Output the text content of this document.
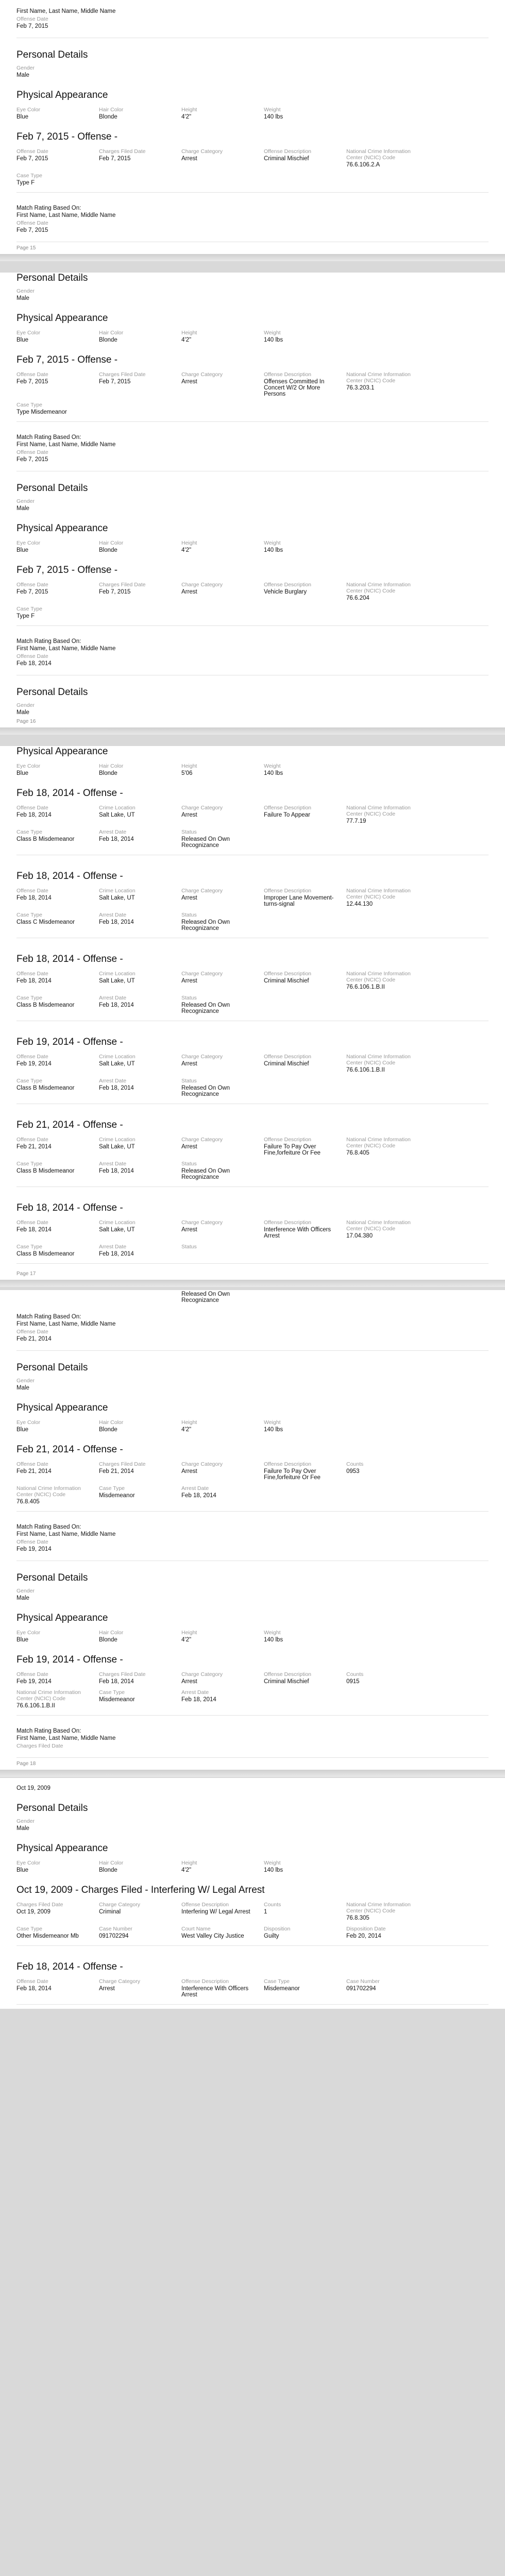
First Name, Last Name, Middle Name
Offense Date
Feb 7, 2015
Personal Details
Gender
Male
Physical Appearance
Eye Color
Blue
Hair Color
Blonde
Height
4'2"
Weight
140 lbs
Feb 7, 2015 - Offense -
Offense Date
Feb 7, 2015
Charges Filed Date
Feb 7, 2015
Charge Category
Arrest
Offense Description
Criminal Mischief
National Crime Information Center (NCIC) Code
76.6.106.2.A
Case Type
Type F
Match Rating Based On:
First Name, Last Name, Middle Name
Offense Date
Feb 7, 2015
Page 15
Personal Details
Gender
Male
Physical Appearance
Eye Color
Blue
Hair Color
Blonde
Height
4'2"
Weight
140 lbs
Feb 7, 2015 - Offense -
Offense Date
Feb 7, 2015
Charges Filed Date
Feb 7, 2015
Charge Category
Arrest
Offense Description
Offenses Committed In Concert W/2 Or More Persons
National Crime Information Center (NCIC) Code
76.3.203.1
Case Type
Type Misdemeanor
Match Rating Based On:
First Name, Last Name, Middle Name
Offense Date
Feb 7, 2015
Personal Details
Gender
Male
Physical Appearance
Eye Color
Blue
Hair Color
Blonde
Height
4'2"
Weight
140 lbs
Feb 7, 2015 - Offense -
Offense Date
Feb 7, 2015
Charges Filed Date
Feb 7, 2015
Charge Category
Arrest
Offense Description
Vehicle Burglary
National Crime Information Center (NCIC) Code
76.6.204
Case Type
Type F
Match Rating Based On:
First Name, Last Name, Middle Name
Offense Date
Feb 18, 2014
Personal Details
Gender
Male
Page 16
Physical Appearance
Eye Color
Blue
Hair Color
Blonde
Height
5'06
Weight
140 lbs
Feb 18, 2014 - Offense -
Offense Date
Feb 18, 2014
Crime Location
Salt Lake, UT
Charge Category
Arrest
Offense Description
Failure To Appear
National Crime Information Center (NCIC) Code
77.7.19
Case Type
Class B Misdemeanor
Arrest Date
Feb 18, 2014
Status
Released On Own Recognizance
Feb 18, 2014 - Offense -
Offense Date
Feb 18, 2014
Crime Location
Salt Lake, UT
Charge Category
Arrest
Offense Description
Improper Lane Movement-turns-signal
National Crime Information Center (NCIC) Code
12.44.130
Case Type
Class C Misdemeanor
Arrest Date
Feb 18, 2014
Status
Released On Own Recognizance
Feb 18, 2014 - Offense -
Offense Date
Feb 18, 2014
Crime Location
Salt Lake, UT
Charge Category
Arrest
Offense Description
Criminal Mischief
National Crime Information Center (NCIC) Code
76.6.106.1.B.II
Case Type
Class B Misdemeanor
Arrest Date
Feb 18, 2014
Status
Released On Own Recognizance
Feb 19, 2014 - Offense -
Offense Date
Feb 19, 2014
Crime Location
Salt Lake, UT
Charge Category
Arrest
Offense Description
Criminal Mischief
National Crime Information Center (NCIC) Code
76.6.106.1.B.II
Case Type
Class B Misdemeanor
Arrest Date
Feb 18, 2014
Status
Released On Own Recognizance
Feb 21, 2014 - Offense -
Offense Date
Feb 21, 2014
Crime Location
Salt Lake, UT
Charge Category
Arrest
Offense Description
Failure To Pay Over Fine,forfeiture Or Fee
National Crime Information Center (NCIC) Code
76.8.405
Case Type
Class B Misdemeanor
Arrest Date
Feb 18, 2014
Status
Released On Own Recognizance
Feb 18, 2014 - Offense -
Offense Date
Feb 18, 2014
Crime Location
Salt Lake, UT
Charge Category
Arrest
Offense Description
Interference With Officers Arrest
National Crime Information Center (NCIC) Code
17.04.380
Case Type
Class B Misdemeanor
Arrest Date
Feb 18, 2014
Status
Page 17
Released On Own Recognizance
Match Rating Based On:
First Name, Last Name, Middle Name
Offense Date
Feb 21, 2014
Personal Details
Gender
Male
Physical Appearance
Eye Color
Blue
Hair Color
Blonde
Height
4'2"
Weight
140 lbs
Feb 21, 2014 - Offense -
Offense Date
Feb 21, 2014
Charges Filed Date
Feb 21, 2014
Charge Category
Arrest
Offense Description
Failure To Pay Over Fine,forfeiture Or Fee
Counts
0953
National Crime Information Center (NCIC) Code
76.8.405
Case Type
Misdemeanor
Arrest Date
Feb 18, 2014
Match Rating Based On:
First Name, Last Name, Middle Name
Offense Date
Feb 19, 2014
Personal Details
Gender
Male
Physical Appearance
Eye Color
Blue
Hair Color
Blonde
Height
4'2"
Weight
140 lbs
Feb 19, 2014 - Offense -
Offense Date
Feb 19, 2014
Charges Filed Date
Feb 18, 2014
Charge Category
Arrest
Offense Description
Criminal Mischief
Counts
0915
National Crime Information Center (NCIC) Code
76.6.106.1.B.II
Case Type
Misdemeanor
Arrest Date
Feb 18, 2014
Match Rating Based On:
First Name, Last Name, Middle Name
Charges Filed Date
Page 18
Oct 19, 2009
Personal Details
Gender
Male
Physical Appearance
Eye Color
Blue
Hair Color
Blonde
Height
4'2"
Weight
140 lbs
Oct 19, 2009 - Charges Filed - Interfering W/ Legal Arrest
Charges Filed Date
Oct 19, 2009
Charge Category
Criminal
Offense Description
Interfering W/ Legal Arrest
Counts
1
National Crime Information Center (NCIC) Code
76.8.305
Case Type
Other Misdemeanor Mb
Case Number
091702294
Court Name
West Valley City Justice
Disposition
Guilty
Disposition Date
Feb 20, 2014
Feb 18, 2014 - Offense -
Offense Date
Feb 18, 2014
Charge Category
Arrest
Offense Description
Interference With Officers Arrest
Case Type
Misdemeanor
Case Number
091702294
